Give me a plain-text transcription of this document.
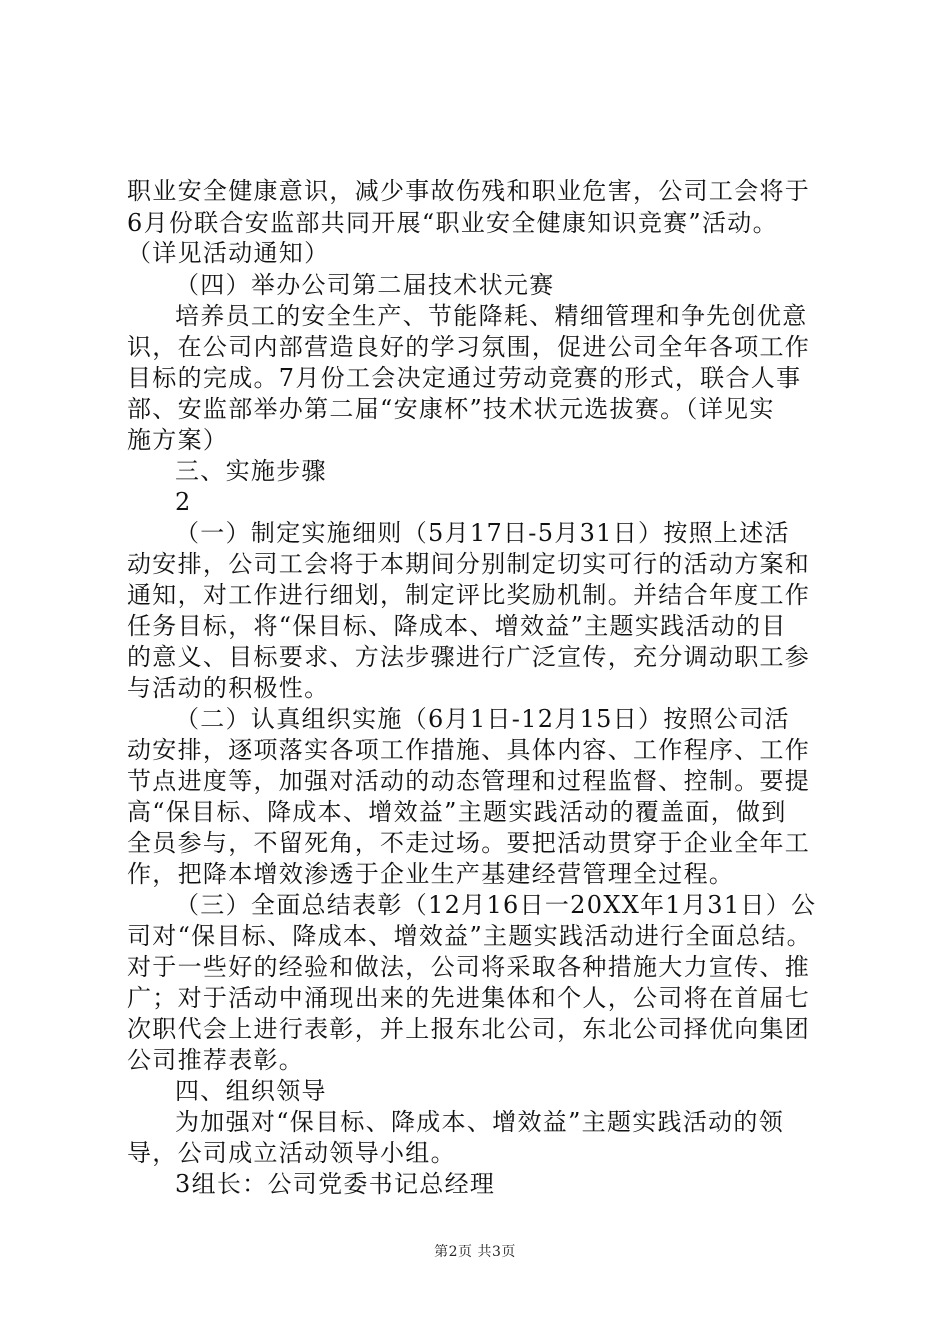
职业安全健康意识，减少事故伤残和职业危害，公司工会将于
6月份联合安监部共同开展“职业安全健康知识竞赛”活动。
（详见活动通知）
（四）举办公司第二届技术状元赛
培养员工的安全生产、节能降耗、精细管理和争先创优意
识，在公司内部营造良好的学习氛围，促进公司全年各项工作
目标的完成。7月份工会决定通过劳动竞赛的形式，联合人事
部、安监部举办第二届“安康杯”技术状元选拔赛。（详见实
施方案）
三、实施步骤
2
（一）制定实施细则（5月17日-5月31日）按照上述活
动安排，公司工会将于本期间分别制定切实可行的活动方案和
通知，对工作进行细划，制定评比奖励机制。并结合年度工作
任务目标，将“保目标、降成本、增效益”主题实践活动的目
的意义、目标要求、方法步骤进行广泛宣传，充分调动职工参
与活动的积极性。
（二）认真组织实施（6月1日-12月15日）按照公司活
动安排，逐项落实各项工作措施、具体内容、工作程序、工作
节点进度等，加强对活动的动态管理和过程监督、控制。要提
高“保目标、降成本、增效益”主题实践活动的覆盖面，做到
全员参与，不留死角，不走过场。要把活动贯穿于企业全年工
作，把降本增效渗透于企业生产基建经营管理全过程。
（三）全面总结表彰（12月16日一20XX年1月31日）公
司对“保目标、降成本、增效益”主题实践活动进行全面总结。
对于一些好的经验和做法，公司将采取各种措施大力宣传、推
广；对于活动中涌现出来的先进集体和个人，公司将在首届七
次职代会上进行表彰，并上报东北公司，东北公司择优向集团
公司推荐表彰。
四、组织领导
为加强对“保目标、降成本、增效益”主题实践活动的领
导，公司成立活动领导小组。
3组长：公司党委书记总经理
第2页 共3页
